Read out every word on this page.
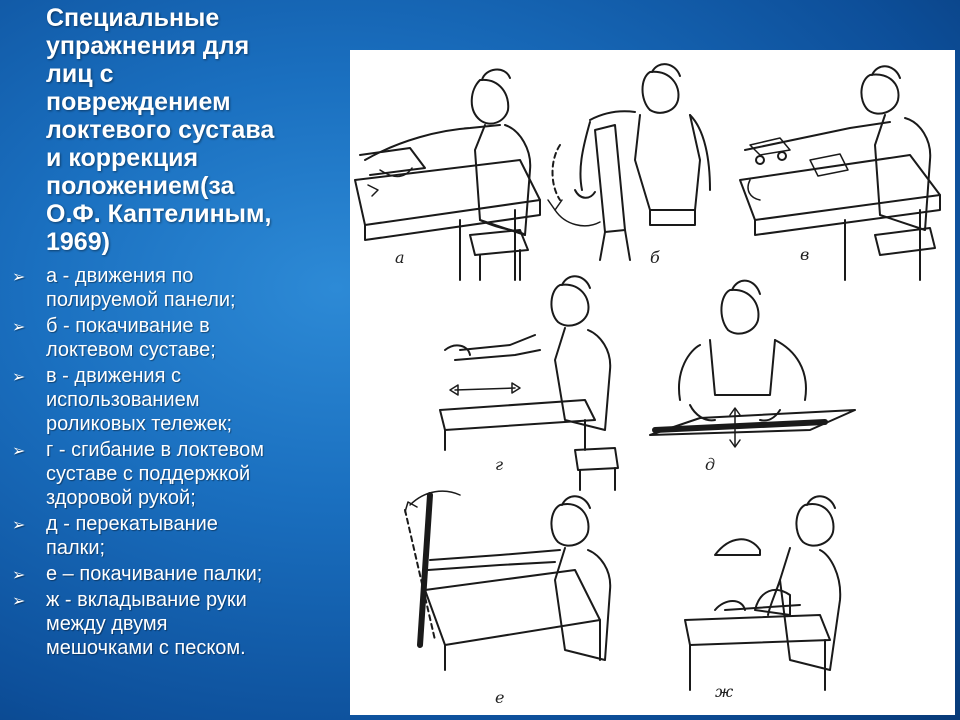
Специальные
упражнения для
лиц с
повреждением
локтевого сустава
и коррекция
положением(за
О.Ф. Каптелиным,
1969)
➢ а - движения по
полируемой панели;
➢ б - покачивание в
локтевом суставе;
➢ в - движения с
использованием
роликовых тележек;
➢ г - сгибание в локтевом
суставе с поддержкой
здоровой рукой;
➢ д - перекатывание
палки;
➢ е – покачивание палки;
➢ ж - вкладывание руки
между двумя
мешочками с песком.
а	б	в
г	д
е	ж
